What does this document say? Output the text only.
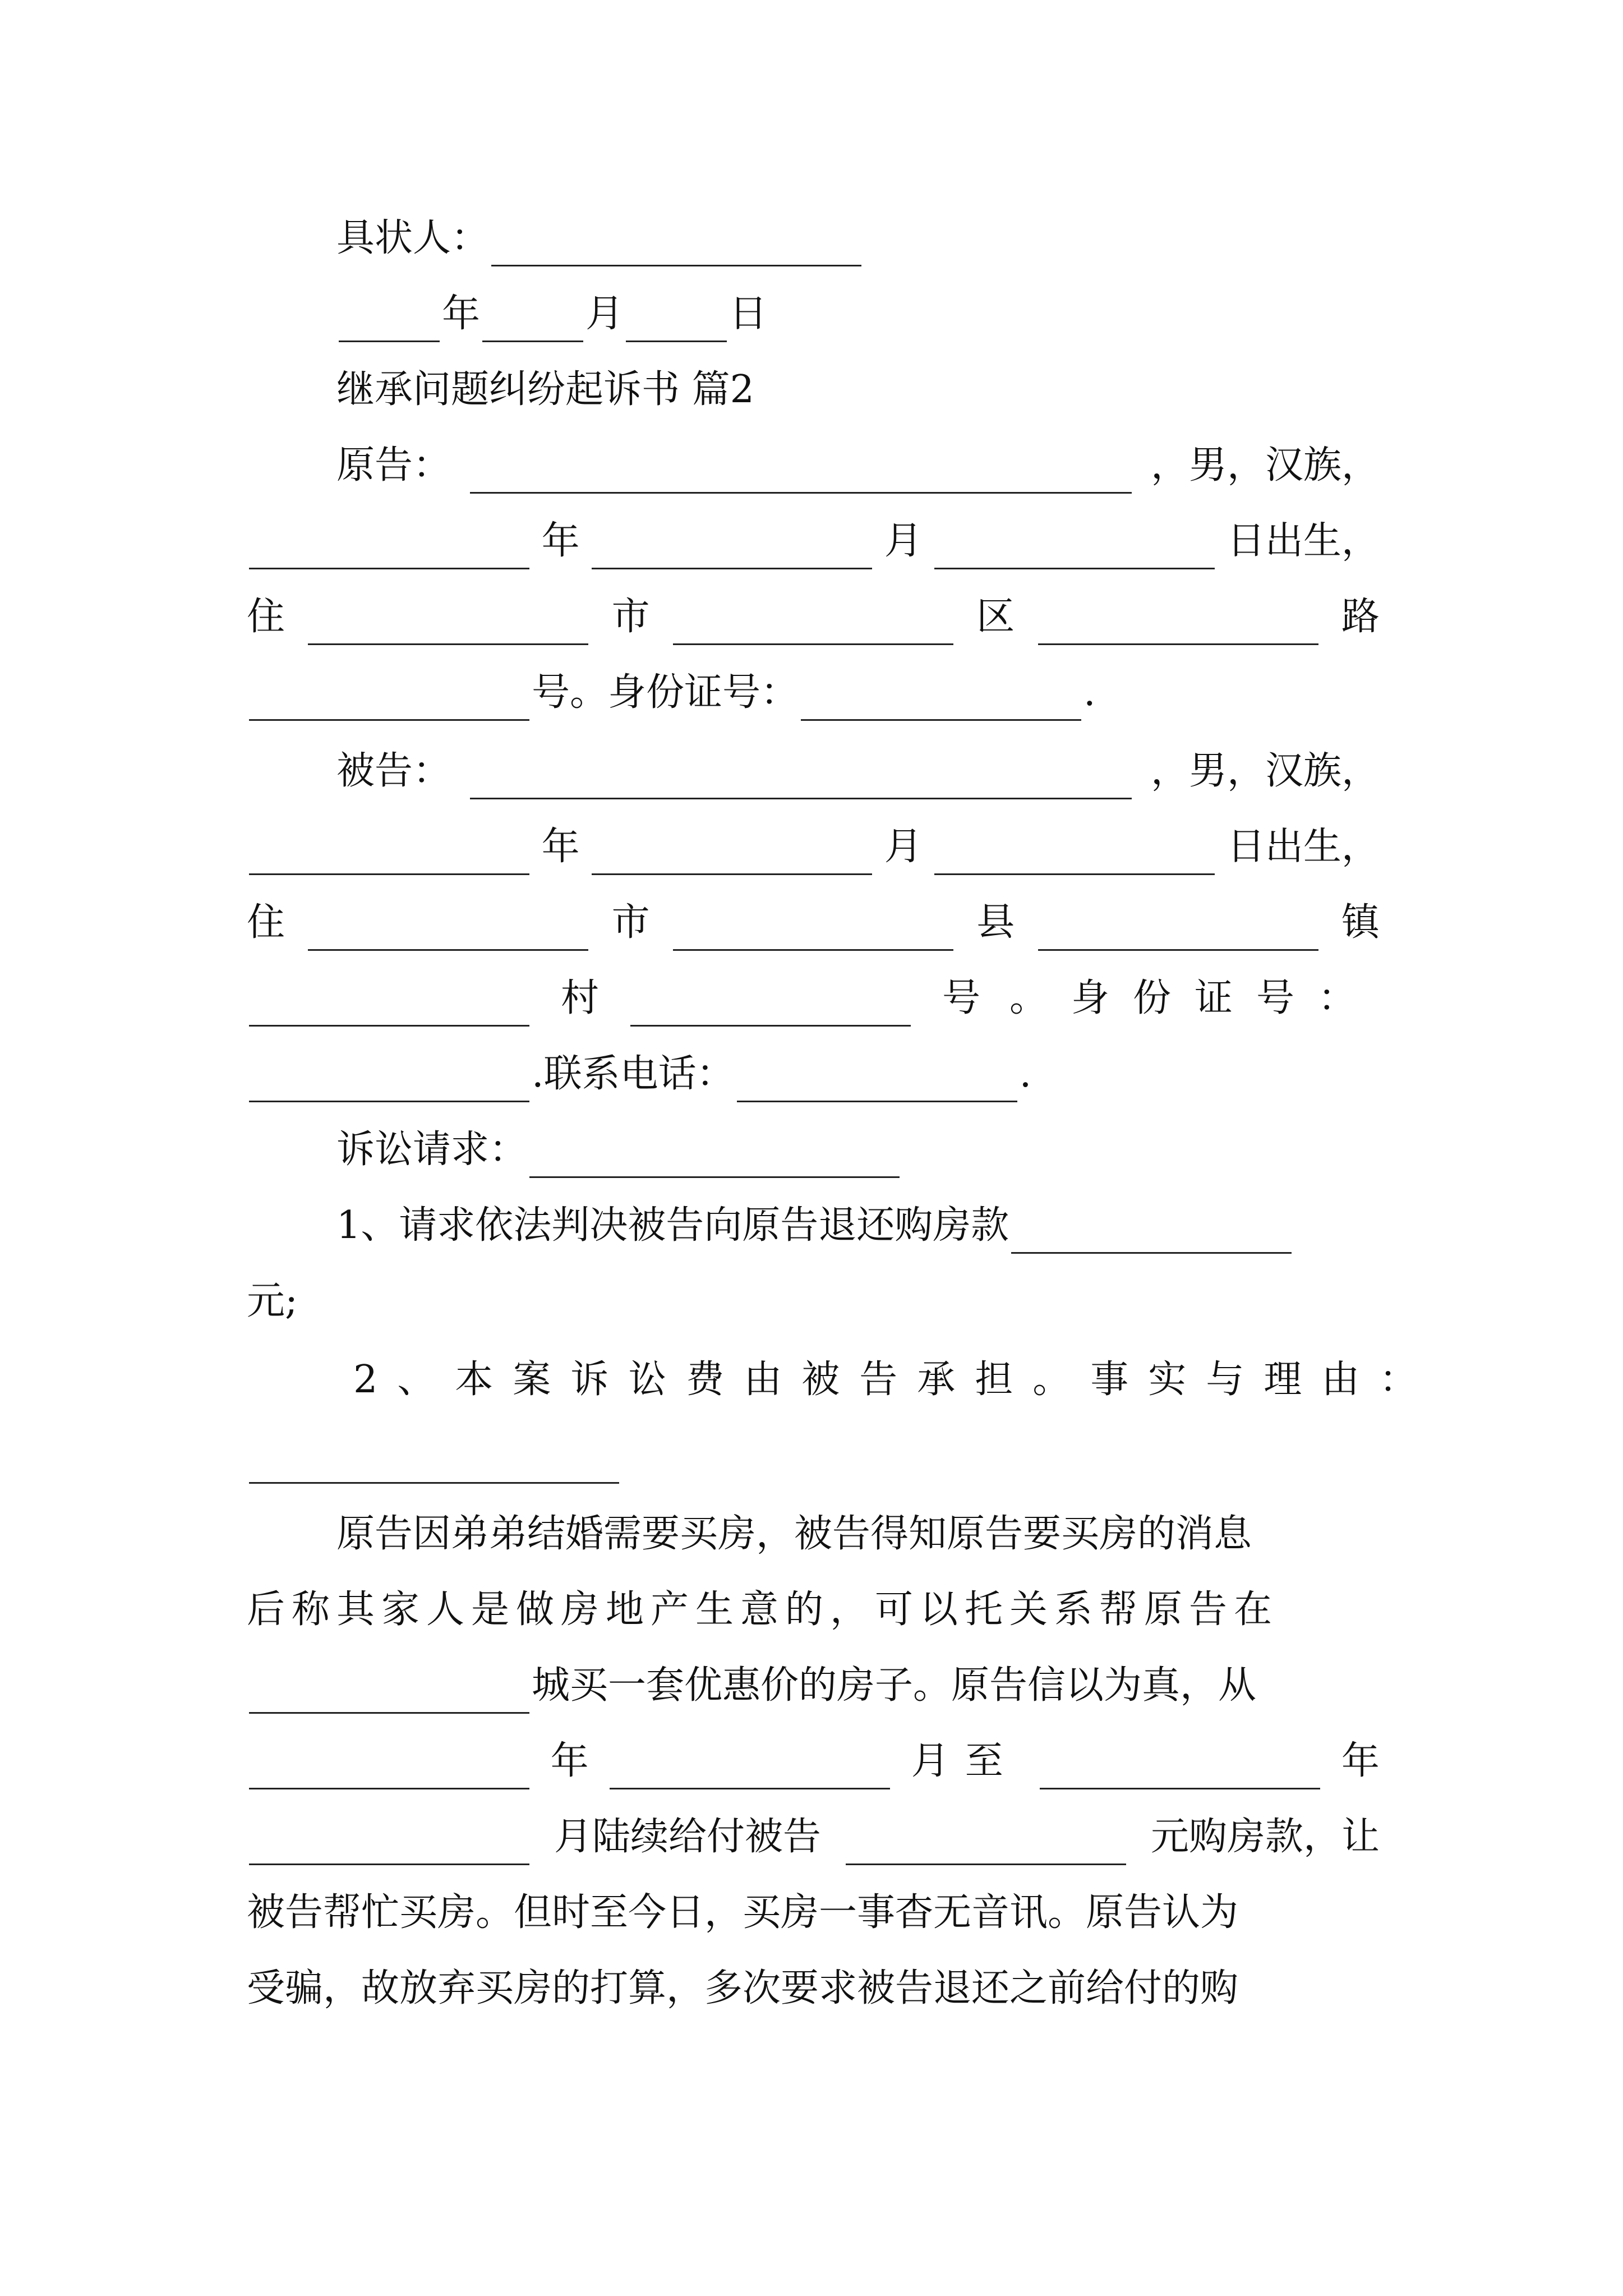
具状人：
年	月	日
继承问题纠纷起诉书 篇2
原告：	，男，汉族，
年	月	日出生，
住	市	区	路
号。身份证号：	.
被告：	，男，汉族，
年	月	日出生，
住	市	县	镇
村	号 。身份证号：
.联系电话：	.
诉讼请求：
1、请求依法判决被告向原告退还购房款
元;
2、本案诉讼费由被告承担。事实与理由：
原告因弟弟结婚需要买房，被告得知原告要买房的消息
后称其家人是做房地产生意的，可以托关系帮原告在
城买一套优惠价的房子。原告信以为真，从
年	月至	年
月陆续给付被告	元购房款，让
被告帮忙买房。但时至今日，买房一事杳无音讯。原告认为
受骗，故放弃买房的打算，多次要求被告退还之前给付的购
